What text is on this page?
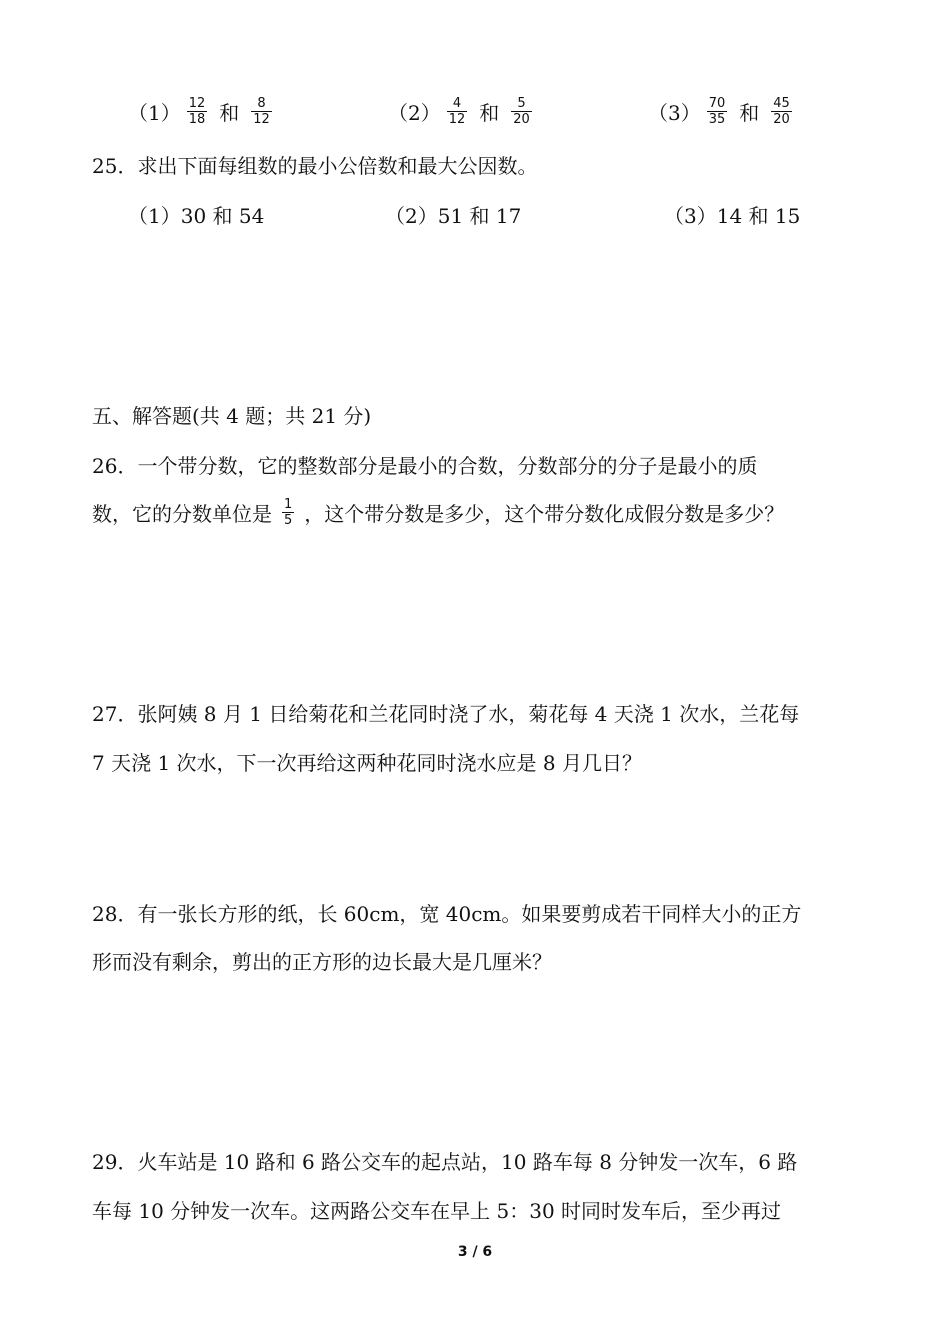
$(1) \frac{12}{18}$ 和 $\frac{8}{12}$	$(2) \frac{4}{12}$ 和 $\frac{5}{20}$	$(3) \frac{70}{35}$ 和 $\frac{45}{20}$
25．求出下面每组数的最小公倍数和最大公因数。
（1）30 和 54	（2）51 和 17	（3）14 和 15
五、解答题(共 4 题；共 21 分)
26．一个带分数，它的整数部分是最小的合数，分数部分的分子是最小的质
数，它的分数单位是 $\frac{1}{5}$ ，这个带分数是多少，这个带分数化成假分数是多少？
27．张阿姨 8 月 1 日给菊花和兰花同时浇了水，菊花每 4 天浇 1 次水，兰花每
7 天浇 1 次水，下一次再给这两种花同时浇水应是 8 月几日？
28．有一张长方形的纸，长 60cm，宽 40cm。如果要剪成若干同样大小的正方
形而没有剩余，剪出的正方形的边长最大是几厘米？
29．火车站是 10 路和 6 路公交车的起点站，10 路车每 8 分钟发一次车，6 路
车每 10 分钟发一次车。这两路公交车在早上 5：30 时同时发车后，至少再过
3 / 6
